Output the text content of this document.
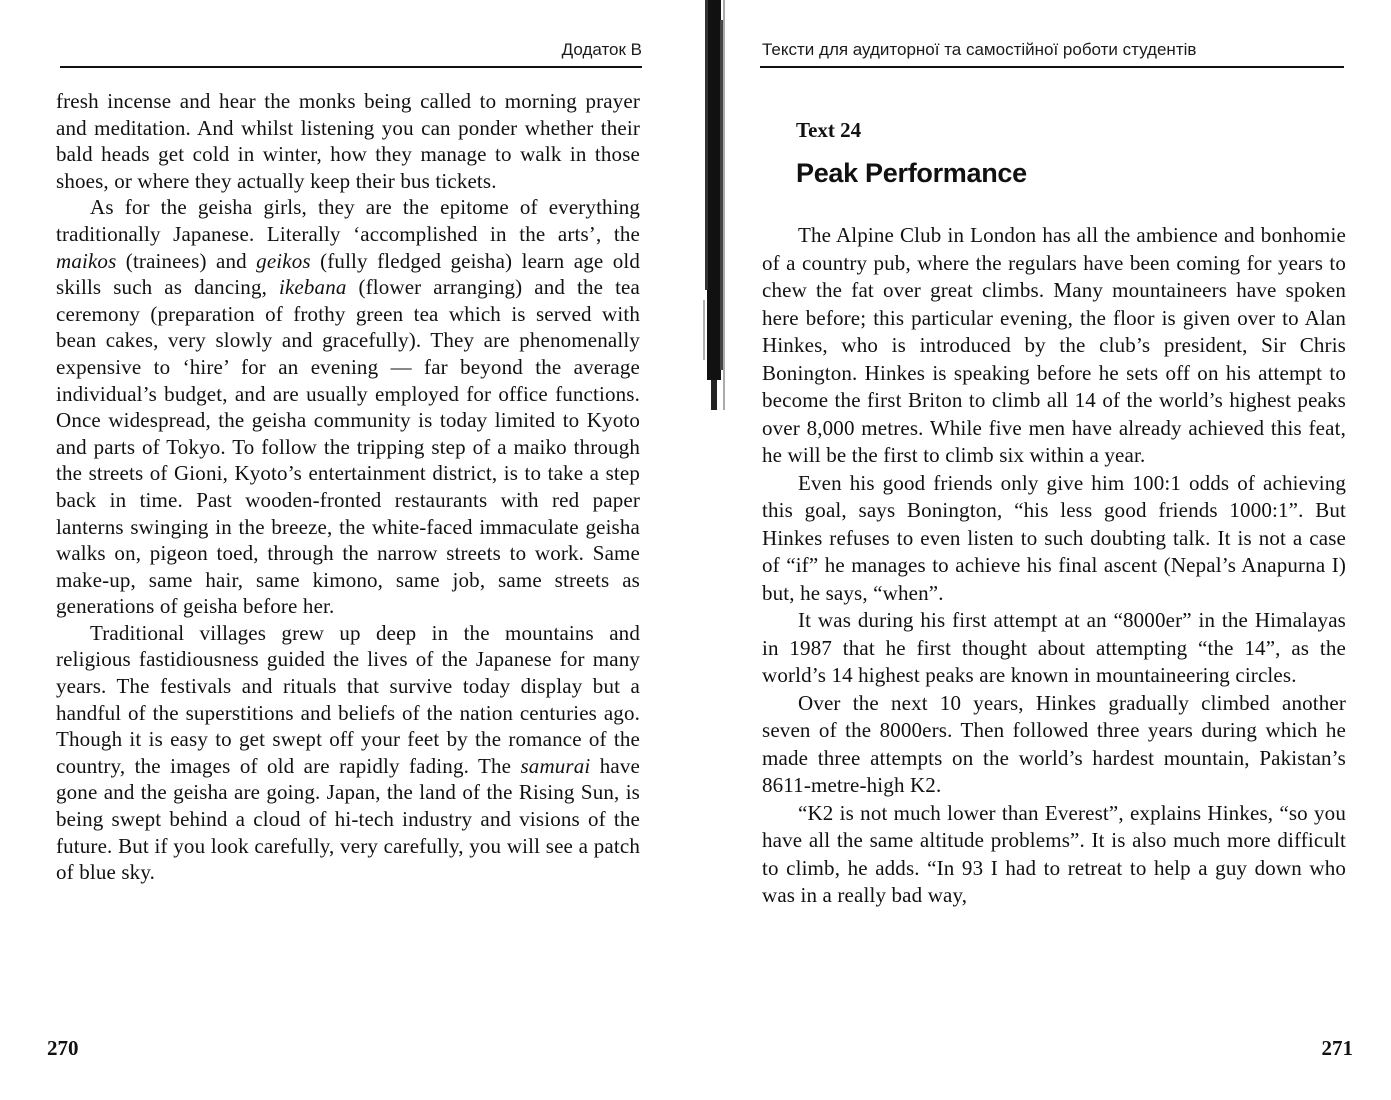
Додаток В

fresh incense and hear the monks being called to morning prayer and meditation. And whilst listening you can ponder whether their bald heads get cold in winter, how they manage to walk in those shoes, or where they actually keep their bus tickets.

As for the geisha girls, they are the epitome of everything traditionally Japanese. Literally ‘accomplished in the arts’, the maikos (trainees) and geikos (fully fledged geisha) learn age old skills such as dancing, ikebana (flower arranging) and the tea ceremony (preparation of frothy green tea which is served with bean cakes, very slowly and gracefully). They are phenomenally expensive to ‘hire’ for an evening — far beyond the average individual’s budget, and are usually employed for office functions. Once widespread, the geisha community is today limited to Kyoto and parts of Tokyo. To follow the tripping step of a maiko through the streets of Gioni, Kyoto’s entertainment district, is to take a step back in time. Past wooden-fronted restaurants with red paper lanterns swinging in the breeze, the white-faced immaculate geisha walks on, pigeon toed, through the narrow streets to work. Same make-up, same hair, same kimono, same job, same streets as generations of geisha before her.

Traditional villages grew up deep in the mountains and religious fastidiousness guided the lives of the Japanese for many years. The festivals and rituals that survive today display but a handful of the superstitions and beliefs of the nation centuries ago. Though it is easy to get swept off your feet by the romance of the country, the images of old are rapidly fading. The samurai have gone and the geisha are going. Japan, the land of the Rising Sun, is being swept behind a cloud of hi-tech industry and visions of the future. But if you look carefully, very carefully, you will see a patch of blue sky.

270
Тексти для аудиторної та самостійної роботи студентів
Text 24
Peak Performance

The Alpine Club in London has all the ambience and bonhomie of a country pub, where the regulars have been coming for years to chew the fat over great climbs. Many mountaineers have spoken here before; this particular evening, the floor is given over to Alan Hinkes, who is introduced by the club’s president, Sir Chris Bonington. Hinkes is speaking before he sets off on his attempt to become the first Briton to climb all 14 of the world’s highest peaks over 8,000 metres. While five men have already achieved this feat, he will be the first to climb six within a year.

Even his good friends only give him 100:1 odds of achieving this goal, says Bonington, “his less good friends 1000:1”. But Hinkes refuses to even listen to such doubting talk. It is not a case of “if” he manages to achieve his final ascent (Nepal’s Anapurna I) but, he says, “when”.

It was during his first attempt at an “8000er” in the Himalayas in 1987 that he first thought about attempting “the 14”, as the world’s 14 highest peaks are known in mountaineering circles.

Over the next 10 years, Hinkes gradually climbed another seven of the 8000ers. Then followed three years during which he made three attempts on the world’s hardest mountain, Pakistan’s 8611-metre-high K2.

“K2 is not much lower than Everest”, explains Hinkes, “so you have all the same altitude problems”. It is also much more difficult to climb, he adds. “In 93 I had to retreat to help a guy down who was in a really bad way,

271
